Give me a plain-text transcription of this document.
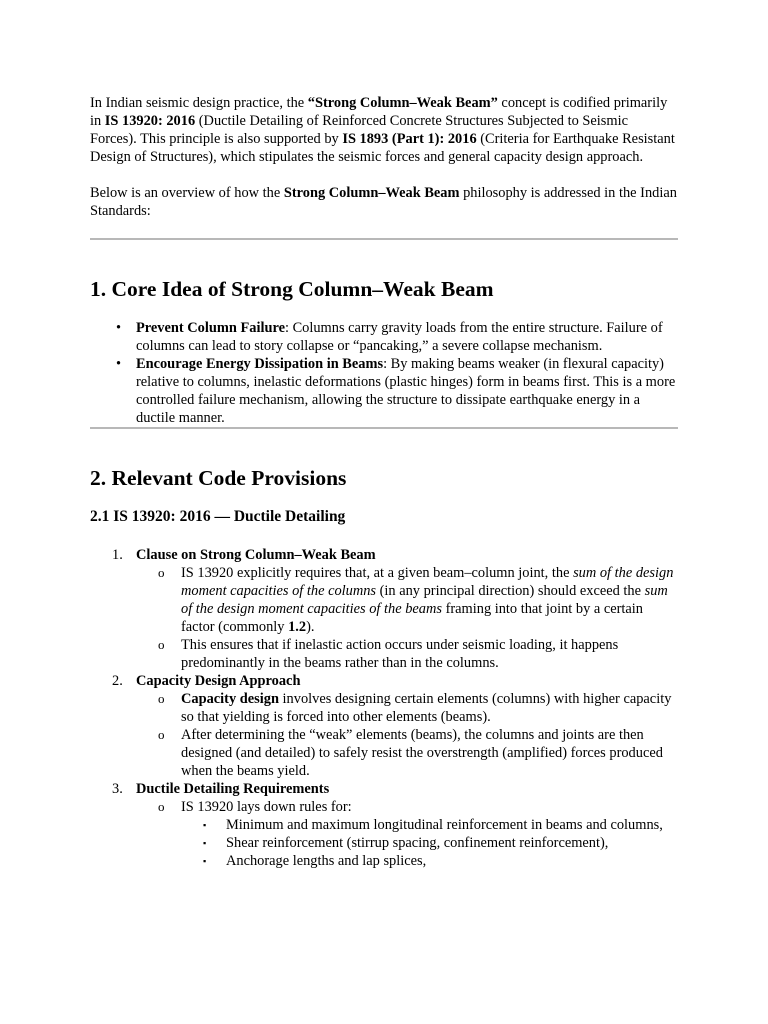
In Indian seismic design practice, the “Strong Column–Weak Beam” concept is codified primarily in IS 13920: 2016 (Ductile Detailing of Reinforced Concrete Structures Subjected to Seismic Forces). This principle is also supported by IS 1893 (Part 1): 2016 (Criteria for Earthquake Resistant Design of Structures), which stipulates the seismic forces and general capacity design approach.

Below is an overview of how the Strong Column–Weak Beam philosophy is addressed in the Indian Standards:

1. Core Idea of Strong Column–Weak Beam
• Prevent Column Failure: Columns carry gravity loads from the entire structure. Failure of columns can lead to story collapse or “pancaking,” a severe collapse mechanism.
• Encourage Energy Dissipation in Beams: By making beams weaker (in flexural capacity) relative to columns, inelastic deformations (plastic hinges) form in beams first. This is a more controlled failure mechanism, allowing the structure to dissipate earthquake energy in a ductile manner.
2. Relevant Code Provisions
2.1 IS 13920: 2016 — Ductile Detailing
1. Clause on Strong Column–Weak Beam
o IS 13920 explicitly requires that, at a given beam–column joint, the sum of the design moment capacities of the columns (in any principal direction) should exceed the sum of the design moment capacities of the beams framing into that joint by a certain factor (commonly 1.2).
o This ensures that if inelastic action occurs under seismic loading, it happens predominantly in the beams rather than in the columns.
2. Capacity Design Approach
o Capacity design involves designing certain elements (columns) with higher capacity so that yielding is forced into other elements (beams).
o After determining the “weak” elements (beams), the columns and joints are then designed (and detailed) to safely resist the overstrength (amplified) forces produced when the beams yield.
3. Ductile Detailing Requirements
o IS 13920 lays down rules for:
▪ Minimum and maximum longitudinal reinforcement in beams and columns,
▪ Shear reinforcement (stirrup spacing, confinement reinforcement),
▪ Anchorage lengths and lap splices,
